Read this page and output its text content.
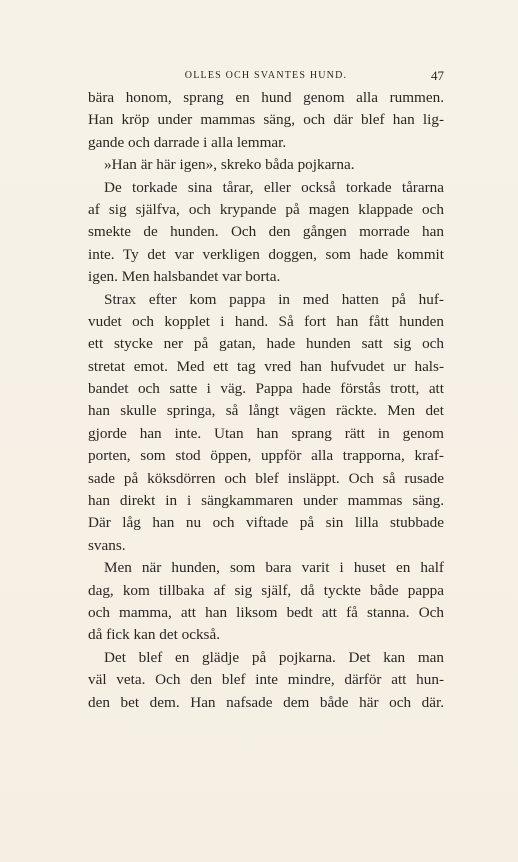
OLLES OCH SVANTES HUND.	47
bära honom, sprang en hund genom alla rummen.
Han kröp under mammas säng, och där blef han lig-
gande och darrade i alla lemmar.
»Han är här igen», skreko båda pojkarna.
De torkade sina tårar, eller också torkade tårarna
af sig själfva, och krypande på magen klappade och
smekte de hunden. Och den gången morrade han
inte. Ty det var verkligen doggen, som hade kommit
igen. Men halsbandet var borta.
Strax efter kom pappa in med hatten på huf-
vudet och kopplet i hand. Så fort han fått hunden
ett stycke ner på gatan, hade hunden satt sig och
stretat emot. Med ett tag vred han hufvudet ur hals-
bandet och satte i väg. Pappa hade förstås trott, att
han skulle springa, så långt vägen räckte. Men det
gjorde han inte. Utan han sprang rätt in genom
porten, som stod öppen, uppför alla trapporna, kraf-
sade på köksdörren och blef insläppt. Och så rusade
han direkt in i sängkammaren under mammas säng.
Där låg han nu och viftade på sin lilla stubbade
svans.
Men när hunden, som bara varit i huset en half
dag, kom tillbaka af sig själf, då tyckte både pappa
och mamma, att han liksom bedt att få stanna. Och
då fick kan det också.
Det blef en glädje på pojkarna. Det kan man
väl veta. Och den blef inte mindre, därför att hun-
den bet dem. Han nafsade dem både här och där.
